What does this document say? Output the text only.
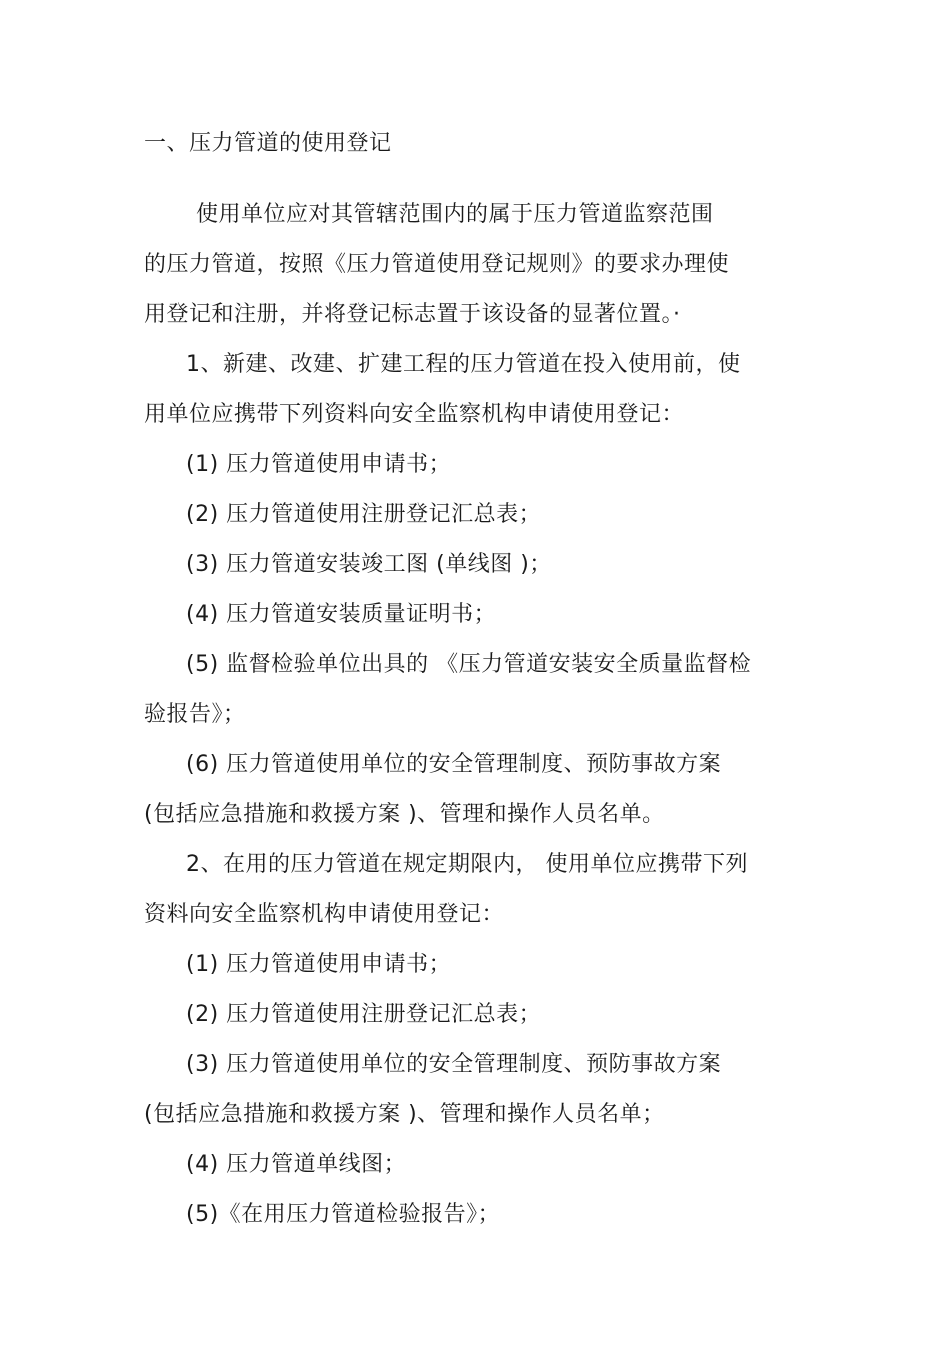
一、压力管道的使用登记
使用单位应对其管辖范围内的属于压力管道监察范围
的压力管道，按照《压力管道使用登记规则》的要求办理使
用登记和注册，并将登记标志置于该设备的显著位置。·
1、新建、改建、扩建工程的压力管道在投入使用前，使
用单位应携带下列资料向安全监察机构申请使用登记：
(1) 压力管道使用申请书；
(2) 压力管道使用注册登记汇总表；
(3) 压力管道安装竣工图 (单线图 )；
(4) 压力管道安装质量证明书；
(5) 监督检验单位出具的 《压力管道安装安全质量监督检
验报告》；
(6) 压力管道使用单位的安全管理制度、预防事故方案
(包括应急措施和救援方案 )、管理和操作人员名单。
2、在用的压力管道在规定期限内， 使用单位应携带下列
资料向安全监察机构申请使用登记：
(1) 压力管道使用申请书；
(2) 压力管道使用注册登记汇总表；
(3) 压力管道使用单位的安全管理制度、预防事故方案
(包括应急措施和救援方案 )、管理和操作人员名单；
(4) 压力管道单线图；
(5)《在用压力管道检验报告》；
